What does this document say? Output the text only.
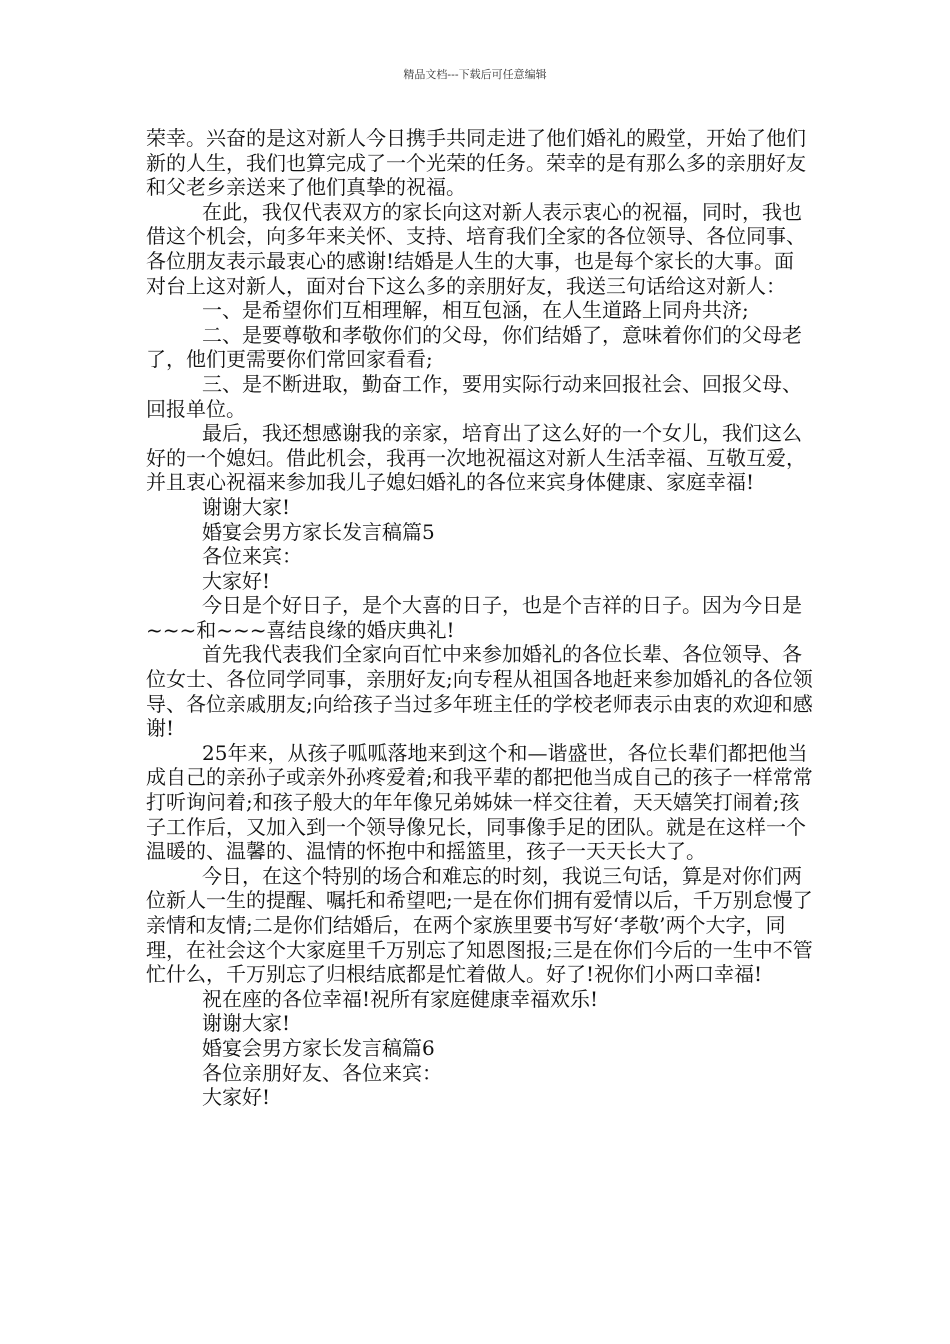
精品文档---下载后可任意编辑

荣幸。兴奋的是这对新人今日携手共同走进了他们婚礼的殿堂，开始了他们新的人生，我们也算完成了一个光荣的任务。荣幸的是有那么多的亲朋好友和父老乡亲送来了他们真挚的祝福。

在此，我仅代表双方的家长向这对新人表示衷心的祝福，同时，我也借这个机会，向多年来关怀、支持、培育我们全家的各位领导、各位同事、各位朋友表示最衷心的感谢!结婚是人生的大事，也是每个家长的大事。面对台上这对新人，面对台下这么多的亲朋好友，我送三句话给这对新人：

一、是希望你们互相理解，相互包涵，在人生道路上同舟共济;

二、是要尊敬和孝敬你们的父母，你们结婚了，意味着你们的父母老了，他们更需要你们常回家看看;

三、是不断进取，勤奋工作，要用实际行动来回报社会、回报父母、回报单位。

最后，我还想感谢我的亲家，培育出了这么好的一个女儿，我们这么好的一个媳妇。借此机会，我再一次地祝福这对新人生活幸福、互敬互爱，并且衷心祝福来参加我儿子媳妇婚礼的各位来宾身体健康、家庭幸福!

谢谢大家!

婚宴会男方家长发言稿篇5

各位来宾：

大家好!

今日是个好日子，是个大喜的日子，也是个吉祥的日子。因为今日是~~~和~~~喜结良缘的婚庆典礼!

首先我代表我们全家向百忙中来参加婚礼的各位长辈、各位领导、各位女士、各位同学同事，亲朋好友;向专程从祖国各地赶来参加婚礼的各位领导、各位亲戚朋友;向给孩子当过多年班主任的学校老师表示由衷的欢迎和感谢!

25年来，从孩子呱呱落地来到这个和—谐盛世，各位长辈们都把他当成自己的亲孙子或亲外孙疼爱着;和我平辈的都把他当成自己的孩子一样常常打听询问着;和孩子般大的年年像兄弟姊妹一样交往着，天天嬉笑打闹着;孩子工作后，又加入到一个领导像兄长，同事像手足的团队。就是在这样一个温暖的、温馨的、温情的怀抱中和摇篮里，孩子一天天长大了。

今日，在这个特别的场合和难忘的时刻，我说三句话，算是对你们两位新人一生的提醒、嘱托和希望吧;一是在你们拥有爱情以后，千万别怠慢了亲情和友情;二是你们结婚后，在两个家族里要书写好‘孝敬’两个大字，同理，在社会这个大家庭里千万别忘了知恩图报;三是在你们今后的一生中不管忙什么，千万别忘了归根结底都是忙着做人。好了!祝你们小两口幸福!

祝在座的各位幸福!祝所有家庭健康幸福欢乐!

谢谢大家!

婚宴会男方家长发言稿篇6

各位亲朋好友、各位来宾：

大家好!
